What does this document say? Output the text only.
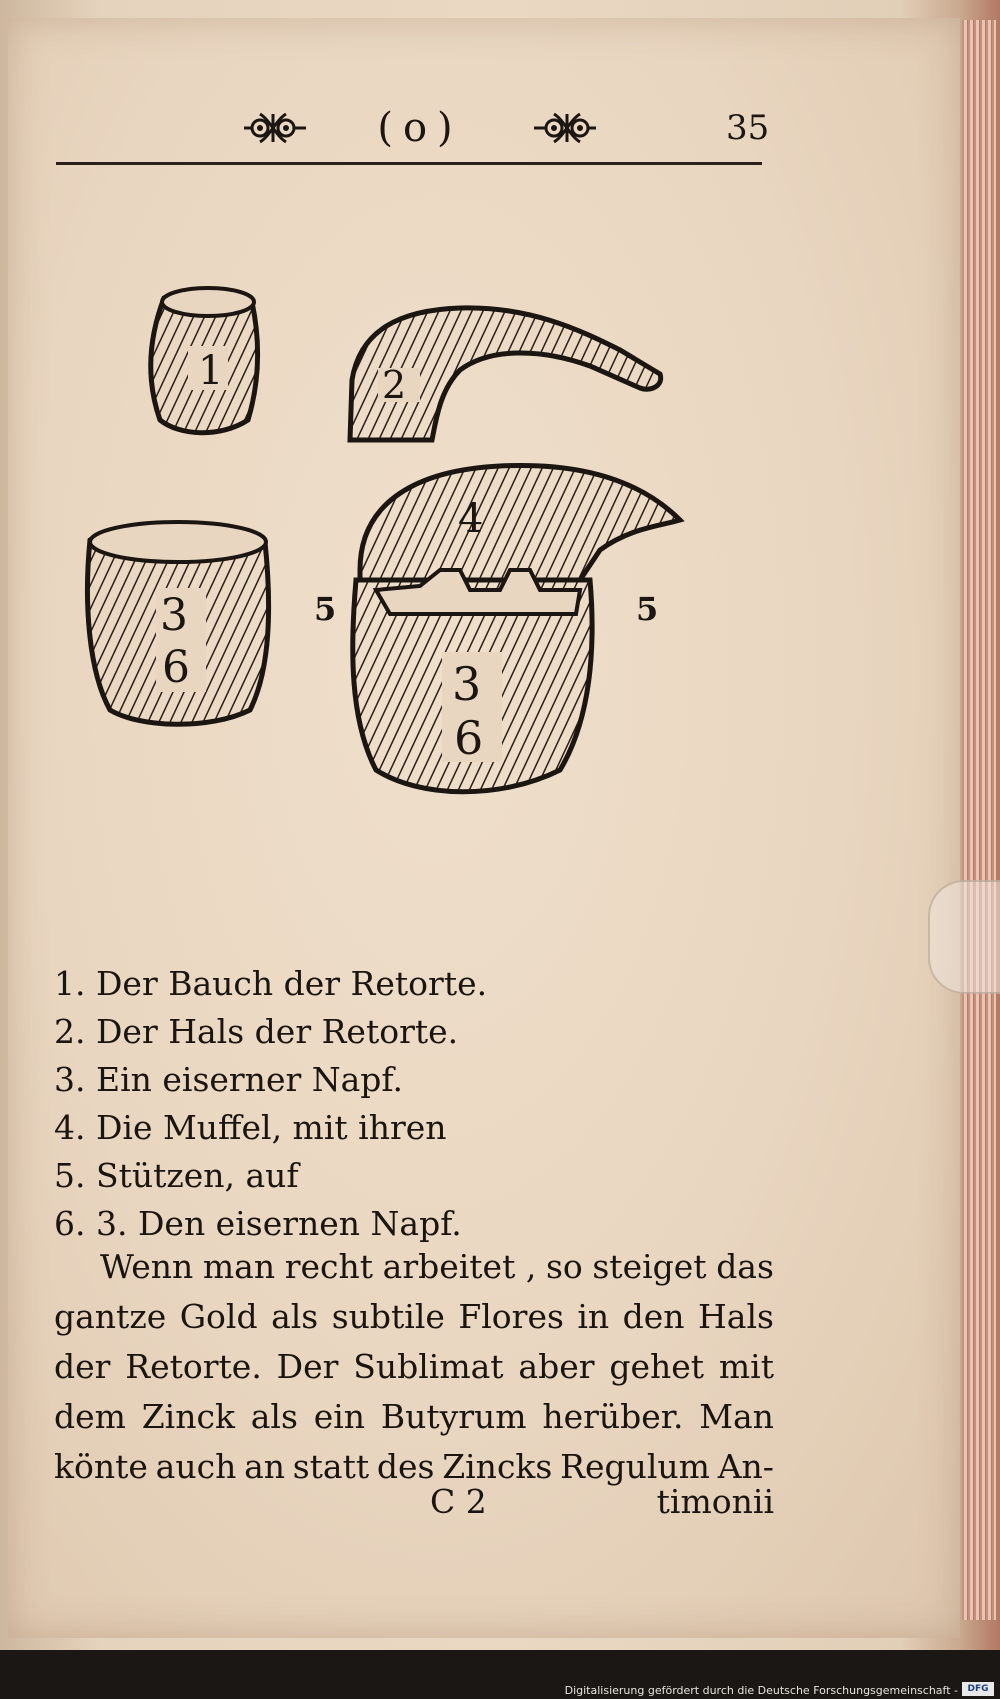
(o)	35
1	2
3
6
4
3
6
5	5
1. Der Bauch der Retorte.
2. Der Hals der Retorte.
3. Ein eiserner Napf.
4. Die Muffel, mit ihren
5. Stützen, auf
6. 3. Den eisernen Napf.
Wenn man recht arbeitet , so steiget das
gantze Gold als subtile Flores in den Hals
der Retorte. Der Sublimat aber gehet mit
dem Zinck als ein Butyrum herüber. Man
könte auch an statt des Zincks Regulum An-
C 2	timonii
Digitalisierung gefördert durch die Deutsche Forschungsgemeinschaft -	DFG
